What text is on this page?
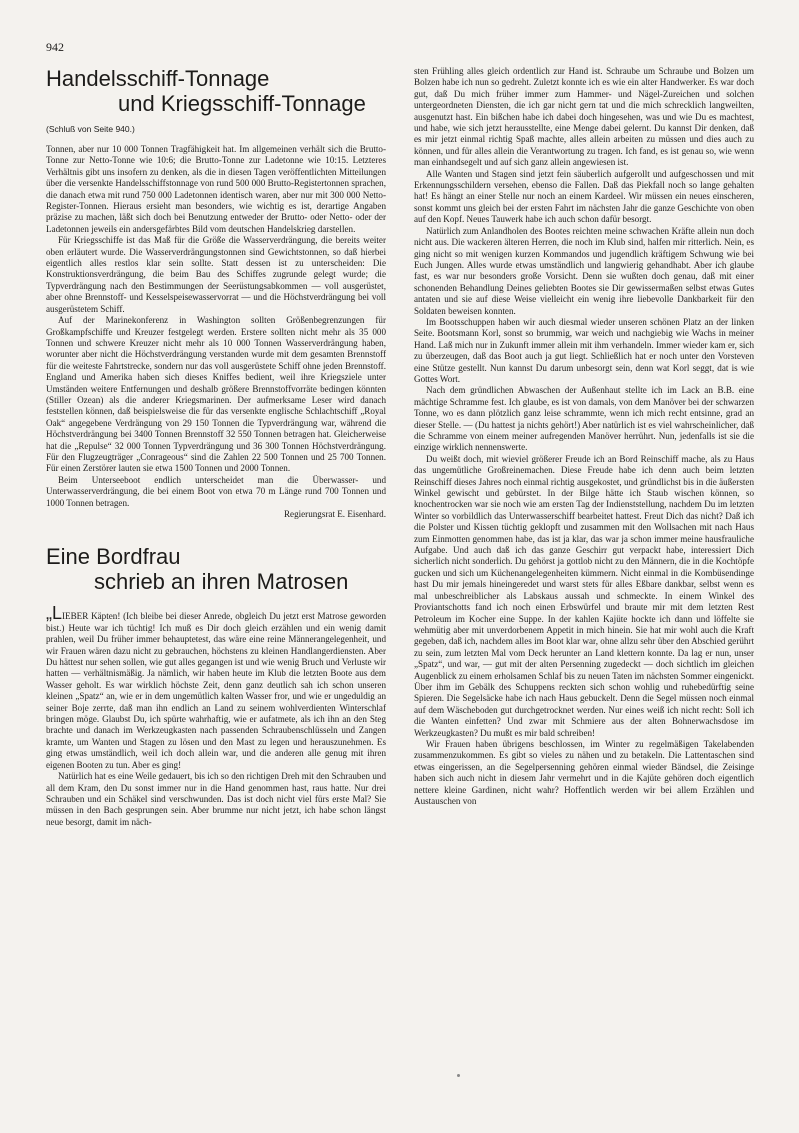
942
Handelsschiff-Tonnage
und Kriegsschiff-Tonnage
(Schluß von Seite 940.)

Tonnen, aber nur 10 000 Tonnen Tragfähigkeit hat. Im allgemeinen verhält sich die Brutto-Tonne zur Netto-Tonne wie 10:6; die Brutto-Tonne zur Ladetonne wie 10:15. Letzteres Verhältnis gibt uns insofern zu denken, als die in diesen Tagen veröffentlichten Mitteilungen über die versenkte Handelsschiffstonnage von rund 500 000 Brutto-Registertonnen sprachen, die danach etwa mit rund 750 000 Ladetonnen identisch waren, aber nur mit 300 000 Netto-Register-Tonnen. Hieraus ersieht man besonders, wie wichtig es ist, derartige Angaben präzise zu machen, läßt sich doch bei Benutzung entweder der Brutto- oder Netto- oder der Ladetonnen jeweils ein andersgefärbtes Bild vom deutschen Handelskrieg darstellen.

Für Kriegsschiffe ist das Maß für die Größe die Wasserverdrängung, die bereits weiter oben erläutert wurde. Die Wasserverdrängungstonnen sind Gewichtstonnen, so daß hierbei eigentlich alles restlos klar sein sollte. Statt dessen ist zu unterscheiden: Die Konstruktionsverdrängung, die beim Bau des Schiffes zugrunde gelegt wurde; die Typverdrängung nach den Bestimmungen der Seerüstungsabkommen — voll ausgerüstet, aber ohne Brennstoff- und Kesselspeisewasservorrat — und die Höchstverdrängung bei voll ausgerüstetem Schiff.

Auf der Marinekonferenz in Washington sollten Größenbegrenzungen für Großkampfschiffe und Kreuzer festgelegt werden. Erstere sollten nicht mehr als 35 000 Tonnen und schwere Kreuzer nicht mehr als 10 000 Tonnen Wasserverdrängung haben, worunter aber nicht die Höchstverdrängung verstanden wurde mit dem gesamten Brennstoff für die weiteste Fahrtstrecke, sondern nur das voll ausgerüstete Schiff ohne jeden Brennstoff. England und Amerika haben sich dieses Kniffes bedient, weil ihre Kriegsziele unter Umständen weitere Entfernungen und deshalb größere Brennstoffvorräte bedingen könnten (Stiller Ozean) als die anderer Kriegsmarinen. Der aufmerksame Leser wird danach feststellen können, daß beispielsweise die für das versenkte englische Schlachtschiff „Royal Oak“ angegebene Verdrängung von 29 150 Tonnen die Typverdrängung war, während die Höchstverdrängung bei 3400 Tonnen Brennstoff 32 550 Tonnen betragen hat. Gleicherweise hat die „Repulse“ 32 000 Tonnen Typverdrängung und 36 300 Tonnen Höchstverdrängung. Für den Flugzeugträger „Conrageous“ sind die Zahlen 22 500 Tonnen und 25 700 Tonnen. Für einen Zerstörer lauten sie etwa 1500 Tonnen und 2000 Tonnen.

Beim Unterseeboot endlich unterscheidet man die Überwasser- und Unterwasserverdrängung, die bei einem Boot von etwa 70 m Länge rund 700 Tonnen und 1000 Tonnen betragen.

Regierungsrat E. Eisenhard.
Eine Bordfrau
schrieb an ihren Matrosen

„LIEBER Käpten! (Ich bleibe bei dieser Anrede, obgleich Du jetzt erst Matrose geworden bist.) Heute war ich tüchtig! Ich muß es Dir doch gleich erzählen und ein wenig damit prahlen, weil Du früher immer behauptetest, das wäre eine reine Männerangelegenheit, und wir Frauen wären dazu nicht zu gebrauchen, höchstens zu kleinen Handlangerdiensten. Aber Du hättest nur sehen sollen, wie gut alles gegangen ist und wie wenig Bruch und Verluste wir hatten — verhältnismäßig. Ja nämlich, wir haben heute im Klub die letzten Boote aus dem Wasser geholt. Es war wirklich höchste Zeit, denn ganz deutlich sah ich schon unseren kleinen „Spatz“ an, wie er in dem ungemütlich kalten Wasser fror, und wie er ungeduldig an seiner Boje zerrte, daß man ihn endlich an Land zu seinem wohlverdienten Winterschlaf bringen möge. Glaubst Du, ich spürte wahrhaftig, wie er aufatmete, als ich ihn an den Steg brachte und danach im Werkzeugkasten nach passenden Schraubenschlüsseln und Zangen kramte, um Wanten und Stagen zu lösen und den Mast zu legen und herauszunehmen. Es ging etwas umständlich, weil ich doch allein war, und die anderen alle genug mit ihren eigenen Booten zu tun. Aber es ging!

Natürlich hat es eine Weile gedauert, bis ich so den richtigen Dreh mit den Schrauben und all dem Kram, den Du sonst immer nur in die Hand genommen hast, raus hatte. Nur drei Schrauben und ein Schäkel sind verschwunden. Das ist doch nicht viel fürs erste Mal? Sie müssen in den Bach gesprungen sein. Aber brumme nur nicht jetzt, ich habe schon längst neue besorgt, damit im näch-

sten Frühling alles gleich ordentlich zur Hand ist. Schraube um Schraube und Bolzen um Bolzen habe ich nun so gedreht. Zuletzt konnte ich es wie ein alter Handwerker. Es war doch gut, daß Du mich früher immer zum Hammer- und Nägel-Zureichen und solchen untergeordneten Diensten, die ich gar nicht gern tat und die mich schrecklich langweilten, ausgenutzt hast. Ein bißchen habe ich dabei doch hingesehen, was und wie Du es machtest, und habe, wie sich jetzt herausstellte, eine Menge dabei gelernt. Du kannst Dir denken, daß es mir jetzt einmal richtig Spaß machte, alles allein arbeiten zu müssen und dies auch zu können, und für alles allein die Verantwortung zu tragen. Ich fand, es ist genau so, wie wenn man einhandsegelt und auf sich ganz allein angewiesen ist.

Alle Wanten und Stagen sind jetzt fein säuberlich aufgerollt und aufgeschossen und mit Erkennungsschildern versehen, ebenso die Fallen. Daß das Piekfall noch so lange gehalten hat! Es hängt an einer Stelle nur noch an einem Kardeel. Wir müssen ein neues einscheren, sonst kommt uns gleich bei der ersten Fahrt im nächsten Jahr die ganze Geschichte von oben auf den Kopf. Neues Tauwerk habe ich auch schon dafür besorgt.

Natürlich zum Anlandholen des Bootes reichten meine schwachen Kräfte allein nun doch nicht aus. Die wackeren älteren Herren, die noch im Klub sind, halfen mir ritterlich. Nein, es ging nicht so mit wenigen kurzen Kommandos und jugendlich kräftigem Schwung wie bei Euch Jungen. Alles wurde etwas umständlich und langwierig gehandhabt. Aber ich glaube fast, es war nur besonders große Vorsicht. Denn sie wußten doch genau, daß mit einer schonenden Behandlung Deines geliebten Bootes sie Dir gewissermaßen selbst etwas Gutes antaten und sie auf diese Weise vielleicht ein wenig ihre liebevolle Dankbarkeit für den Soldaten beweisen konnten.

Im Bootsschuppen haben wir auch diesmal wieder unseren schönen Platz an der linken Seite. Bootsmann Korl, sonst so brummig, war weich und nachgiebig wie Wachs in meiner Hand. Laß mich nur in Zukunft immer allein mit ihm verhandeln. Immer wieder kam er, sich zu überzeugen, daß das Boot auch ja gut liegt. Schließlich hat er noch unter den Vorsteven eine Stütze gestellt. Nun kannst Du darum unbesorgt sein, denn wat Korl seggt, dat is wie Gottes Wort.

Nach dem gründlichen Abwaschen der Außenhaut stellte ich im Lack an B.B. eine mächtige Schramme fest. Ich glaube, es ist von damals, von dem Manöver bei der schwarzen Tonne, wo es dann plötzlich ganz leise schrammte, wenn ich mich recht entsinne, grad an dieser Stelle. — (Du hattest ja nichts gehört!) Aber natürlich ist es viel wahrscheinlicher, daß die Schramme von einem meiner aufregenden Manöver herrührt. Nun, jedenfalls ist sie die einzige wirklich nennenswerte.

Du weißt doch, mit wieviel größerer Freude ich an Bord Reinschiff mache, als zu Haus das ungemütliche Großreinemachen. Diese Freude habe ich denn auch beim letzten Reinschiff dieses Jahres noch einmal richtig ausgekostet, und gründlichst bis in die äußersten Winkel gewischt und gebürstet. In der Bilge hätte ich Staub wischen können, so knochentrocken war sie noch wie am ersten Tag der Indienststellung, nachdem Du im letzten Winter so vorbildlich das Unterwasserschiff bearbeitet hattest. Freut Dich das nicht? Daß ich die Polster und Kissen tüchtig geklopft und zusammen mit den Wollsachen mit nach Haus zum Einmotten genommen habe, das ist ja klar, das war ja schon immer meine hausfrauliche Aufgabe. Und auch daß ich das ganze Geschirr gut verpackt habe, interessiert Dich sicherlich nicht sonderlich. Du gehörst ja gottlob nicht zu den Männern, die in die Kochtöpfe gucken und sich um Küchenangelegenheiten kümmern. Nicht einmal in die Kombüsendinge hast Du mir jemals hineingeredet und warst stets für alles Eßbare dankbar, selbst wenn es mal unbeschreiblicher als Labskaus aussah und schmeckte. In einem Winkel des Proviantschotts fand ich noch einen Erbswürfel und braute mir mit dem letzten Rest Petroleum im Kocher eine Suppe. In der kahlen Kajüte hockte ich dann und löffelte sie wehmütig aber mit unverdorbenem Appetit in mich hinein. Sie hat mir wohl auch die Kraft gegeben, daß ich, nachdem alles im Boot klar war, ohne allzu sehr über den Abschied gerührt zu sein, zum letzten Mal vom Deck herunter an Land klettern konnte. Da lag er nun, unser „Spatz“, und war, — gut mit der alten Persenning zugedeckt — doch sichtlich im gleichen Augenblick zu einem erholsamen Schlaf bis zu neuen Taten im nächsten Sommer eingenickt. Über ihm im Gebälk des Schuppens reckten sich schon wohlig und ruhebedürftig seine Spieren. Die Segelsäcke habe ich nach Haus gebuckelt. Denn die Segel müssen noch einmal auf dem Wäscheboden gut durchgetrocknet werden. Nur eines weiß ich nicht recht: Soll ich die Wanten einfetten? Und zwar mit Schmiere aus der alten Bohnerwachsdose im Werkzeugkasten? Du mußt es mir bald schreiben!

Wir Frauen haben übrigens beschlossen, im Winter zu regelmäßigen Takelabenden zusammenzukommen. Es gibt so vieles zu nähen und zu betakeln. Die Lattentaschen sind etwas eingerissen, an die Segelpersenning gehören einmal wieder Bändsel, die Zeisinge haben sich auch nicht in diesem Jahr vermehrt und in die Kajüte gehören doch eigentlich nettere kleine Gardinen, nicht wahr? Hoffentlich werden wir bei allem Erzählen und Austauschen von
